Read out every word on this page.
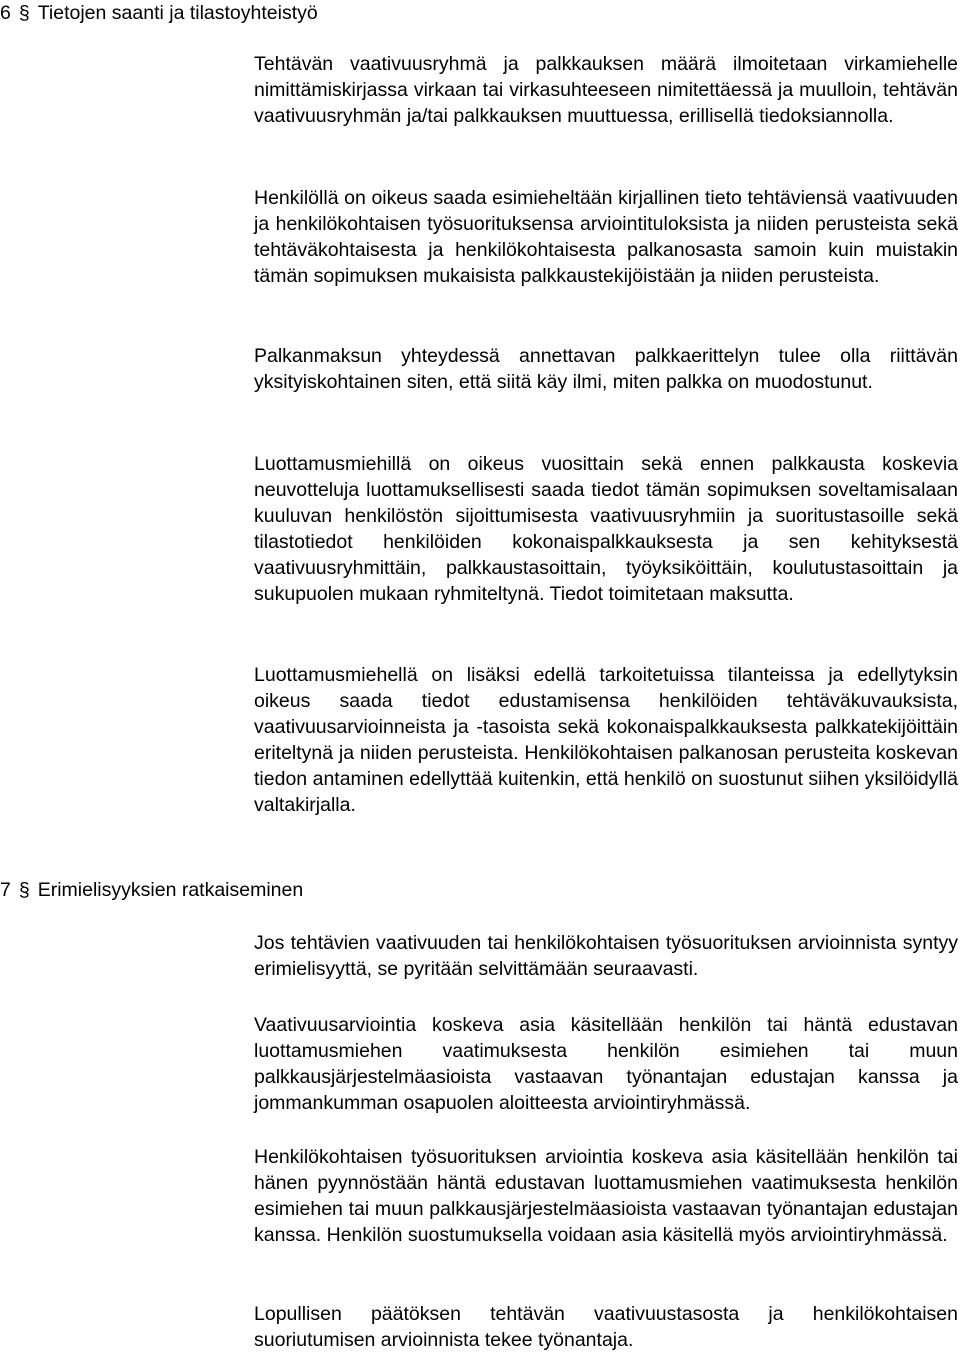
6 § Tietojen saanti ja tilastoyhteistyö

Tehtävän vaativuusryhmä ja palkkauksen määrä ilmoitetaan virkamiehelle nimittämiskirjassa virkaan tai virkasuhteeseen nimitettäessä ja muulloin, tehtävän vaativuusryhmän ja/tai palkkauksen muuttuessa, erillisellä tiedoksiannolla.

Henkilöllä on oikeus saada esimieheltään kirjallinen tieto tehtäviensä vaativuuden ja henkilökohtaisen työsuorituksensa arviointituloksista ja niiden perusteista sekä tehtäväkohtaisesta ja henkilökohtaisesta palkanosasta samoin kuin muistakin tämän sopimuksen mukaisista palkkaustekijöistään ja niiden perusteista.

Palkanmaksun yhteydessä annettavan palkkaerittelyn tulee olla riittävän yksityiskohtainen siten, että siitä käy ilmi, miten palkka on muodostunut.

Luottamusmiehillä on oikeus vuosittain sekä ennen palkkausta koskevia neuvotteluja luottamuksellisesti saada tiedot tämän sopimuksen soveltamisalaan kuuluvan henkilöstön sijoittumisesta vaativuusryhmiin ja suoritustasoille sekä tilastotiedot henkilöiden kokonaispalkkauksesta ja sen kehityksestä vaativuusryhmittäin, palkkaustasoittain, työyksiköittäin, koulutustasoittain ja sukupuolen mukaan ryhmiteltynä. Tiedot toimitetaan maksutta.

Luottamusmiehellä on lisäksi edellä tarkoitetuissa tilanteissa ja edellytyksin oikeus saada tiedot edustamisensa henkilöiden tehtäväkuvauksista, vaativuusarvioinneista ja -tasoista sekä kokonaispalkkauksesta palkkatekijöittäin eriteltynä ja niiden perusteista. Henkilökohtaisen palkanosan perusteita koskevan tiedon antaminen edellyttää kuitenkin, että henkilö on suostunut siihen yksilöidyllä valtakirjalla.

7 § Erimielisyyksien ratkaiseminen

Jos tehtävien vaativuuden tai henkilökohtaisen työsuorituksen arvioinnista syntyy erimielisyyttä, se pyritään selvittämään seuraavasti.

Vaativuusarviointia koskeva asia käsitellään henkilön tai häntä edustavan luottamusmiehen vaatimuksesta henkilön esimiehen tai muun palkkausjärjestelmäasioista vastaavan työnantajan edustajan kanssa ja jommankumman osapuolen aloitteesta arviointiryhmässä.

Henkilökohtaisen työsuorituksen arviointia koskeva asia käsitellään henkilön tai hänen pyynnöstään häntä edustavan luottamusmiehen vaatimuksesta henkilön esimiehen tai muun palkkausjärjestelmäasioista vastaavan työnantajan edustajan kanssa. Henkilön suostumuksella voidaan asia käsitellä myös arviointiryhmässä.

Lopullisen päätöksen tehtävän vaativuustasosta ja henkilökohtaisen suoriutumisen arvioinnista tekee työnantaja.
